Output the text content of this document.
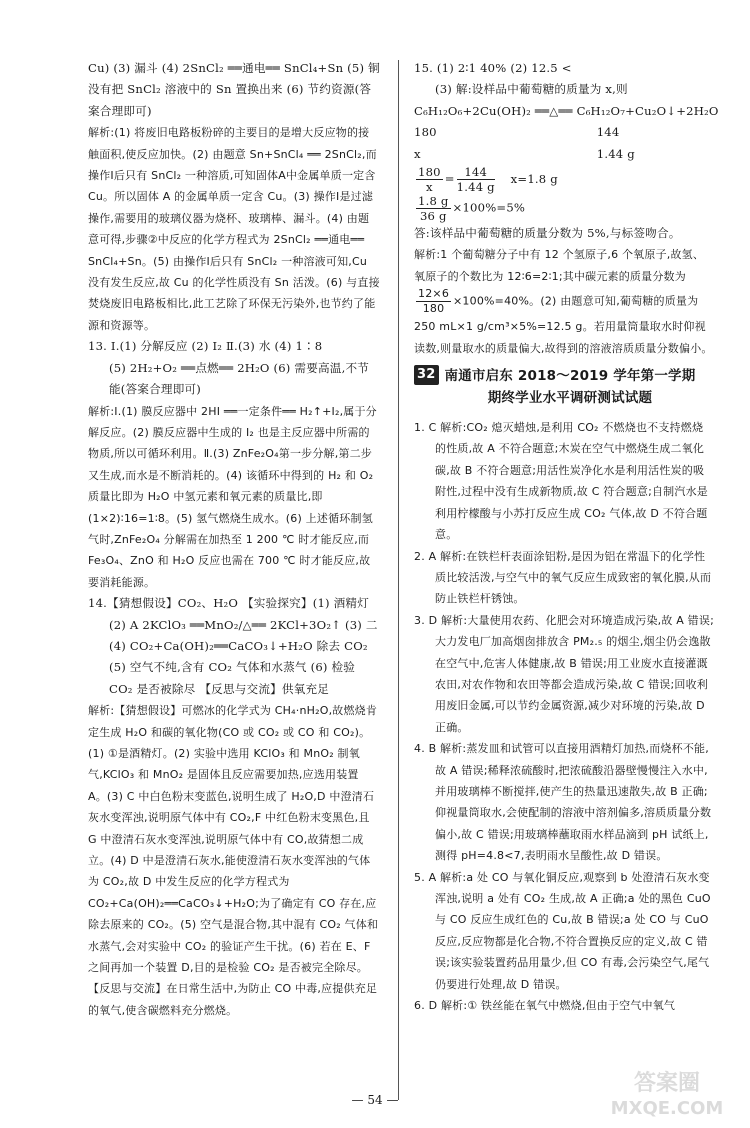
Cu) (3) 漏斗 (4) 2SnCl₂ ══通电══ SnCl₄+Sn (5) 铜没有把 SnCl₂ 溶液中的 Sn 置换出来 (6) 节约资源(答案合理即可)

解析:(1) 将废旧电路板粉碎的主要目的是增大反应物的接触面积,使反应加快。(2) 由题意 Sn+SnCl₄ ══ 2SnCl₂,而操作Ⅰ后只有 SnCl₂ 一种溶质,可知固体A中金属单质一定含 Cu。所以固体 A 的金属单质一定含 Cu。(3) 操作Ⅰ是过滤操作,需要用的玻璃仪器为烧杯、玻璃棒、漏斗。(4) 由题意可得,步骤②中反应的化学方程式为 2SnCl₂ ══通电══ SnCl₄+Sn。(5) 由操作Ⅰ后只有 SnCl₂ 一种溶液可知,Cu 没有发生反应,故 Cu 的化学性质没有 Sn 活泼。(6) 与直接焚烧废旧电路板相比,此工艺除了环保无污染外,也节约了能源和资源等。

13. Ⅰ.(1) 分解反应 (2) I₂ Ⅱ.(3) 水 (4) 1∶8

(5) 2H₂+O₂ ══点燃══ 2H₂O (6) 需要高温,不节能(答案合理即可)

解析:Ⅰ.(1) 膜反应器中 2HI ══一定条件══ H₂↑+I₂,属于分解反应。(2) 膜反应器中生成的 I₂ 也是主反应器中所需的物质,所以可循环利用。Ⅱ.(3) ZnFe₂O₄第一步分解,第二步又生成,而水是不断消耗的。(4) 该循环中得到的 H₂ 和 O₂ 质量比即为 H₂O 中氢元素和氧元素的质量比,即(1×2)∶16=1∶8。(5) 氢气燃烧生成水。(6) 上述循环制氢气时,ZnFe₂O₄ 分解需在加热至 1 200 ℃ 时才能反应,而 Fe₃O₄、ZnO 和 H₂O 反应也需在 700 ℃ 时才能反应,故要消耗能源。

14.【猜想假设】CO₂、H₂O 【实验探究】(1) 酒精灯

(2) A 2KClO₃ ══MnO₂/△══ 2KCl+3O₂↑ (3) 二

(4) CO₂+Ca(OH)₂══CaCO₃↓+H₂O 除去 CO₂

(5) 空气不纯,含有 CO₂ 气体和水蒸气 (6) 检验 CO₂ 是否被除尽 【反思与交流】供氧充足

解析:【猜想假设】可燃冰的化学式为 CH₄·nH₂O,故燃烧肯定生成 H₂O 和碳的氧化物(CO 或 CO₂ 或 CO 和 CO₂)。(1) ①是酒精灯。(2) 实验中选用 KClO₃ 和 MnO₂ 制氧气,KClO₃ 和 MnO₂ 是固体且反应需要加热,应选用装置 A。(3) C 中白色粉末变蓝色,说明生成了 H₂O,D 中澄清石灰水变浑浊,说明原气体中有 CO₂,F 中红色粉末变黑色,且 G 中澄清石灰水变浑浊,说明原气体中有 CO,故猜想二成立。(4) D 中是澄清石灰水,能使澄清石灰水变浑浊的气体为 CO₂,故 D 中发生反应的化学方程式为 CO₂+Ca(OH)₂══CaCO₃↓+H₂O;为了确定有 CO 存在,应除去原来的 CO₂。(5) 空气是混合物,其中混有 CO₂ 气体和水蒸气,会对实验中 CO₂ 的验证产生干扰。(6) 若在 E、F 之间再加一个装置 D,目的是检验 CO₂ 是否被完全除尽。【反思与交流】在日常生活中,为防止 CO 中毒,应提供充足的氧气,使含碳燃料充分燃烧。

15. (1) 2∶1 40% (2) 12.5 <

(3) 解:设样品中葡萄糖的质量为 x,则

C₆H₁₂O₆+2Cu(OH)₂ ══△══ C₆H₁₂O₇+Cu₂O↓+2H₂O

180	144

x	1.44 g

$\frac{180}{x} = \frac{144}{1.44 g} x=1.8$ g

$\frac{1.8 g}{36 g} \times 100\%=5\%$

答:该样品中葡萄糖的质量分数为 5%,与标签吻合。

解析:1 个葡萄糖分子中有 12 个氢原子,6 个氧原子,故氢、氧原子的个数比为 12∶6=2∶1;其中碳元素的质量分数为
$\frac{12\times 6}{180} \times 100\%=40\%$。(2) 由题意可知,葡萄糖的质量为 250 mL×1 g/cm³×5%=12.5 g。若用量筒量取水时仰视读数,则量取水的质量偏大,故得到的溶液溶质质量分数偏小。

32 南通市启东 2018～2019 学年第一学期
期终学业水平调研测试试题

1. C 解析:CO₂ 熄灭蜡烛,是利用 CO₂ 不燃烧也不支持燃烧的性质,故 A 不符合题意;木炭在空气中燃烧生成二氧化碳,故 B 不符合题意;用活性炭净化水是利用活性炭的吸附性,过程中没有生成新物质,故 C 符合题意;自制汽水是利用柠檬酸与小苏打反应生成 CO₂ 气体,故 D 不符合题意。

2. A 解析:在铁栏杆表面涂铝粉,是因为铝在常温下的化学性质比较活泼,与空气中的氧气反应生成致密的氧化膜,从而防止铁栏杆锈蚀。

3. D 解析:大量使用农药、化肥会对环境造成污染,故 A 错误;大力发电厂加高烟囱排放含 PM₂.₅ 的烟尘,烟尘仍会逸散在空气中,危害人体健康,故 B 错误;用工业废水直接灌溉农田,对农作物和农田等都会造成污染,故 C 错误;回收利用废旧金属,可以节约金属资源,减少对环境的污染,故 D 正确。

4. B 解析:蒸发皿和试管可以直接用酒精灯加热,而烧杯不能,故 A 错误;稀释浓硫酸时,把浓硫酸沿器壁慢慢注入水中,并用玻璃棒不断搅拌,使产生的热量迅速散失,故 B 正确;仰视量筒取水,会使配制的溶液中溶剂偏多,溶质质量分数偏小,故 C 错误;用玻璃棒蘸取雨水样品滴到 pH 试纸上,测得 pH=4.8<7,表明雨水呈酸性,故 D 错误。

5. A 解析:a 处 CO 与氧化铜反应,观察到 b 处澄清石灰水变浑浊,说明 a 处有 CO₂ 生成,故 A 正确;a 处的黑色 CuO 与 CO 反应生成红色的 Cu,故 B 错误;a 处 CO 与 CuO 反应,反应物都是化合物,不符合置换反应的定义,故 C 错误;该实验装置药品用量少,但 CO 有毒,会污染空气,尾气仍要进行处理,故 D 错误。

6. D 解析:① 铁丝能在氧气中燃烧,但由于空气中氧气

— 54 —
答案圈
MXQE.COM
